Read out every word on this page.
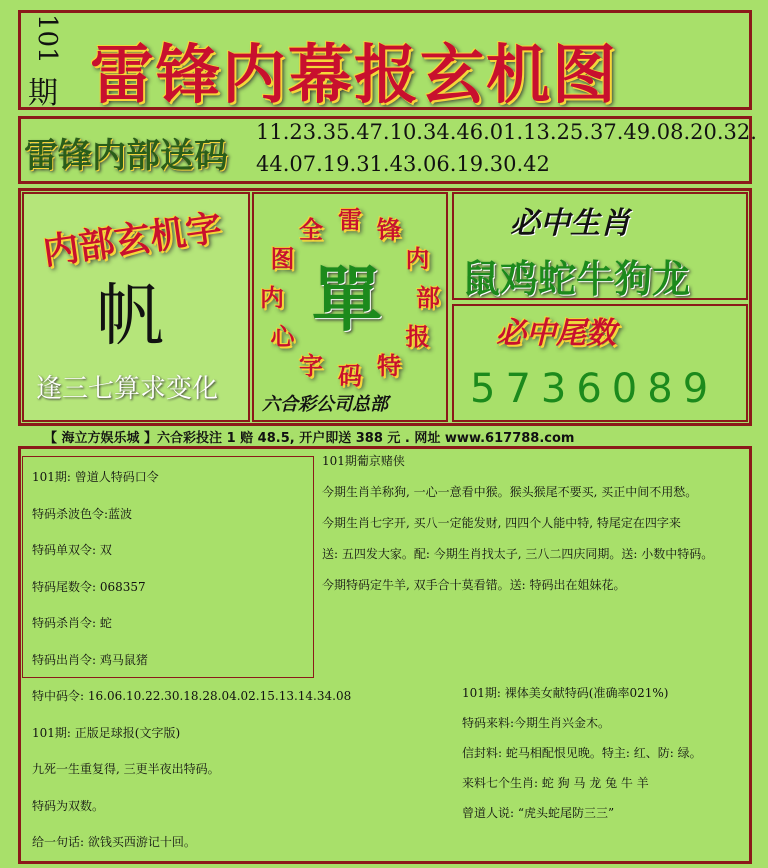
101
期 雷锋内幕报玄机图
雷锋内部送码
11.23.35.47.10.34.46.01.13.25.37.49.08.20.32.
44.07.19.31.43.06.19.30.42
内部玄机字
帆
逢三七算求变化
雷 锋
内
部
报
特
码
字
心
内
图
全
單
六合彩公司总部
必中生肖
鼠鸡蛇牛狗龙
必中尾数
5736089
【 海立方娱乐城 】六合彩投注 1 赔 48.5, 开户即送 388 元 . 网址 www.617788.com
101期: 曾道人特码口令
特码杀波色令:蓝波
特码单双令: 双
特码尾数令: 068357
特码杀肖令: 蛇
特码出肖令: 鸡马鼠猪
特中码令: 16.06.10.22.30.18.28.04.02.15.13.14.34.08
101期: 正版足球报(文字版)
九死一生重复得, 三更半夜出特码。
特码为双数。
给一句话: 欲钱买西游记十回。
101期葡京赌侠
今期生肖羊称狗, 一心一意看中猴。猴头猴尾不要买, 买正中间不用愁。
今期生肖七字开, 买八一定能发财, 四四个人能中特, 特尾定在四字来
送: 五四发大家。配: 今期生肖找太子, 三八二四庆同期。送: 小数中特码。
今期特码定牛羊, 双手合十莫看错。送: 特码出在姐妹花。
101期: 裸体美女献特码(准确率021%)
特码来料:今期生肖兴金木。
信封料: 蛇马相配恨见晚。特主: 红、防: 绿。
来料七个生肖: 蛇 狗 马 龙 兔 牛 羊
曾道人说: “虎头蛇尾防三三”
